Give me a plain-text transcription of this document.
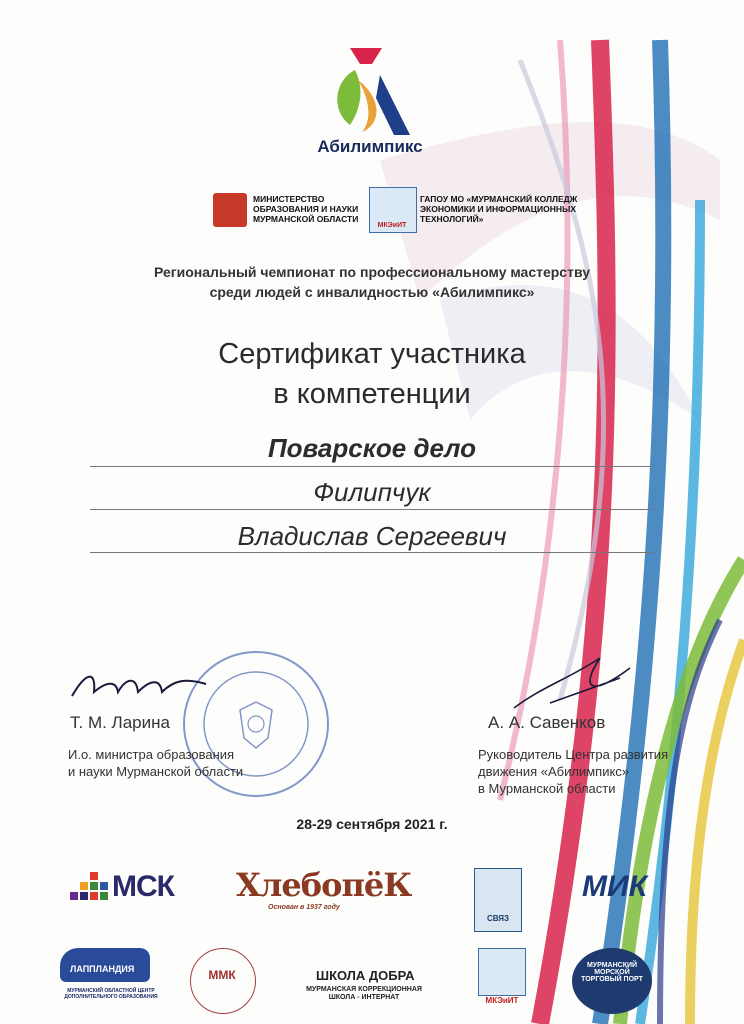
Абилимпикс
МИНИСТЕРСТВО ОБРАЗОВАНИЯ И НАУКИ МУРМАНСКОЙ ОБЛАСТИ
МКЭиИТ
ГАПОУ МО «МУРМАНСКИЙ КОЛЛЕДЖ ЭКОНОМИКИ И ИНФОРМАЦИОННЫХ ТЕХНОЛОГИЙ»
Региональный чемпионат по профессиональному мастерству
среди людей с инвалидностью «Абилимпикс»
Сертификат участника
в компетенции
Поварское дело
Филипчук
Владислав Сергеевич
Т. М. Ларина
И.о. министра образования
и науки Мурманской области
А. А. Савенков
Руководитель Центра развития
движения «Абилимпикс»
в Мурманской области
28-29 сентября 2021 г.
МСК ХлебопёК
Основан в 1937 году
СВЯЗ
МИК
ЛАППЛАНДИЯ
МУРМАНСКИЙ ОБЛАСТНОЙ ЦЕНТР ДОПОЛНИТЕЛЬНОГО ОБРАЗОВАНИЯ
ММК	ШКОЛА ДОБРА
МУРМАНСКАЯ КОРРЕКЦИОННАЯ ШКОЛА - ИНТЕРНАТ	МКЭиИТ
МУРМАНСКИЙ МОРСКОЙ ТОРГОВЫЙ ПОРТ
